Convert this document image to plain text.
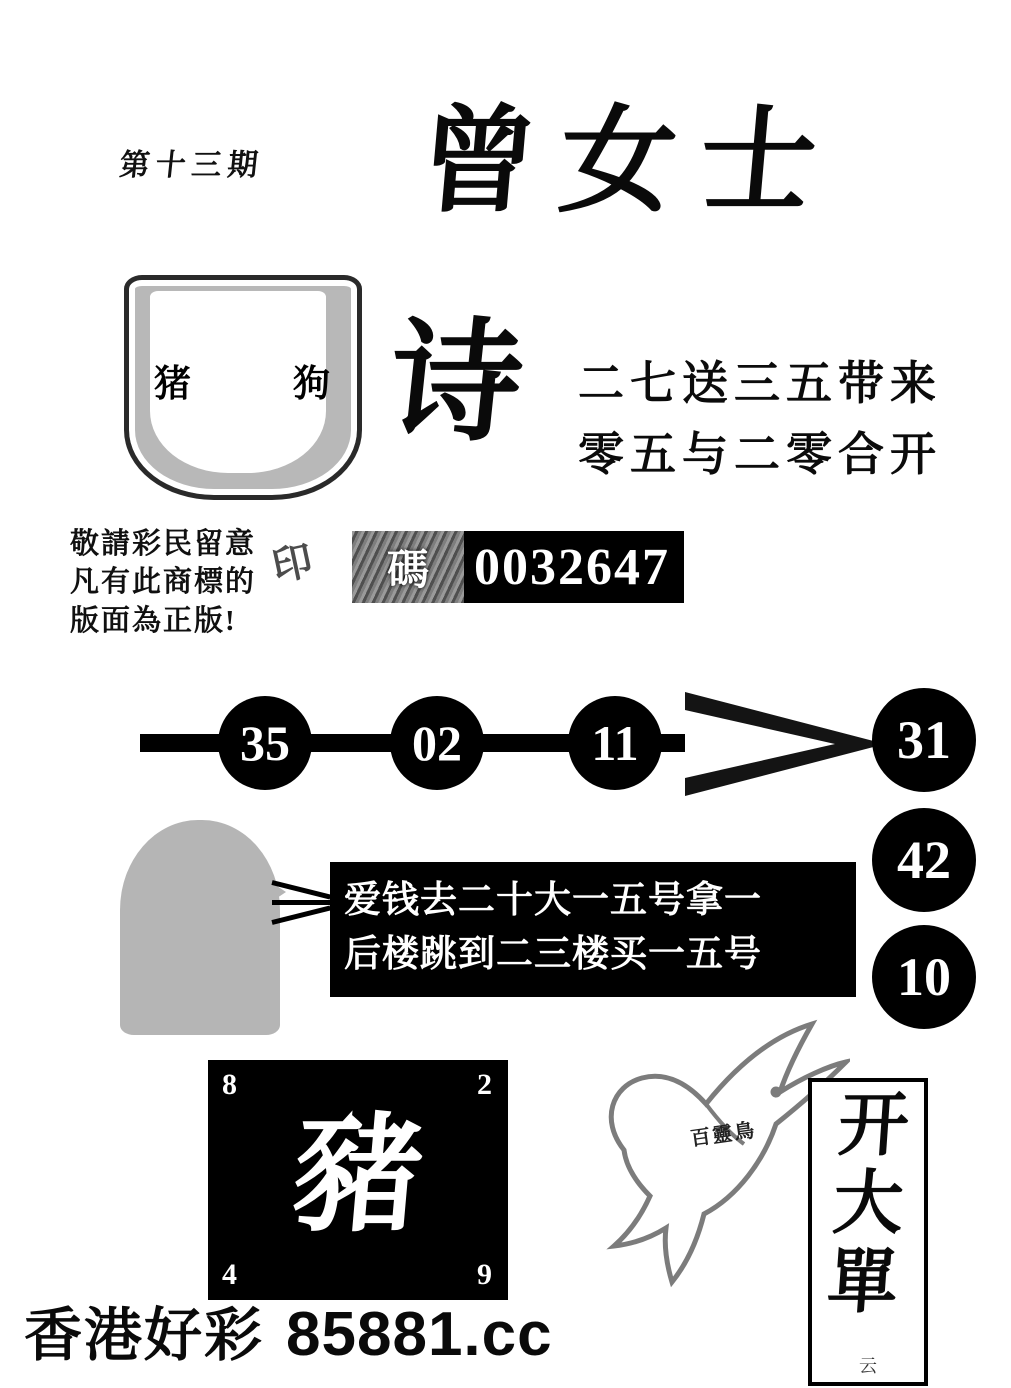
第十三期 曾女士
猪	狗 诗 二七送三五带来
零五与二零合开
敬請彩民留意
凡有此商標的
版面為正版!
印	碼 0032647
35	02	11	31
42
10
爱钱去二十大一五号拿一
后楼跳到二三楼买一五号
8	2
4	9
豬	百靈鳥	开大單
云
香港好彩 85881.cc
